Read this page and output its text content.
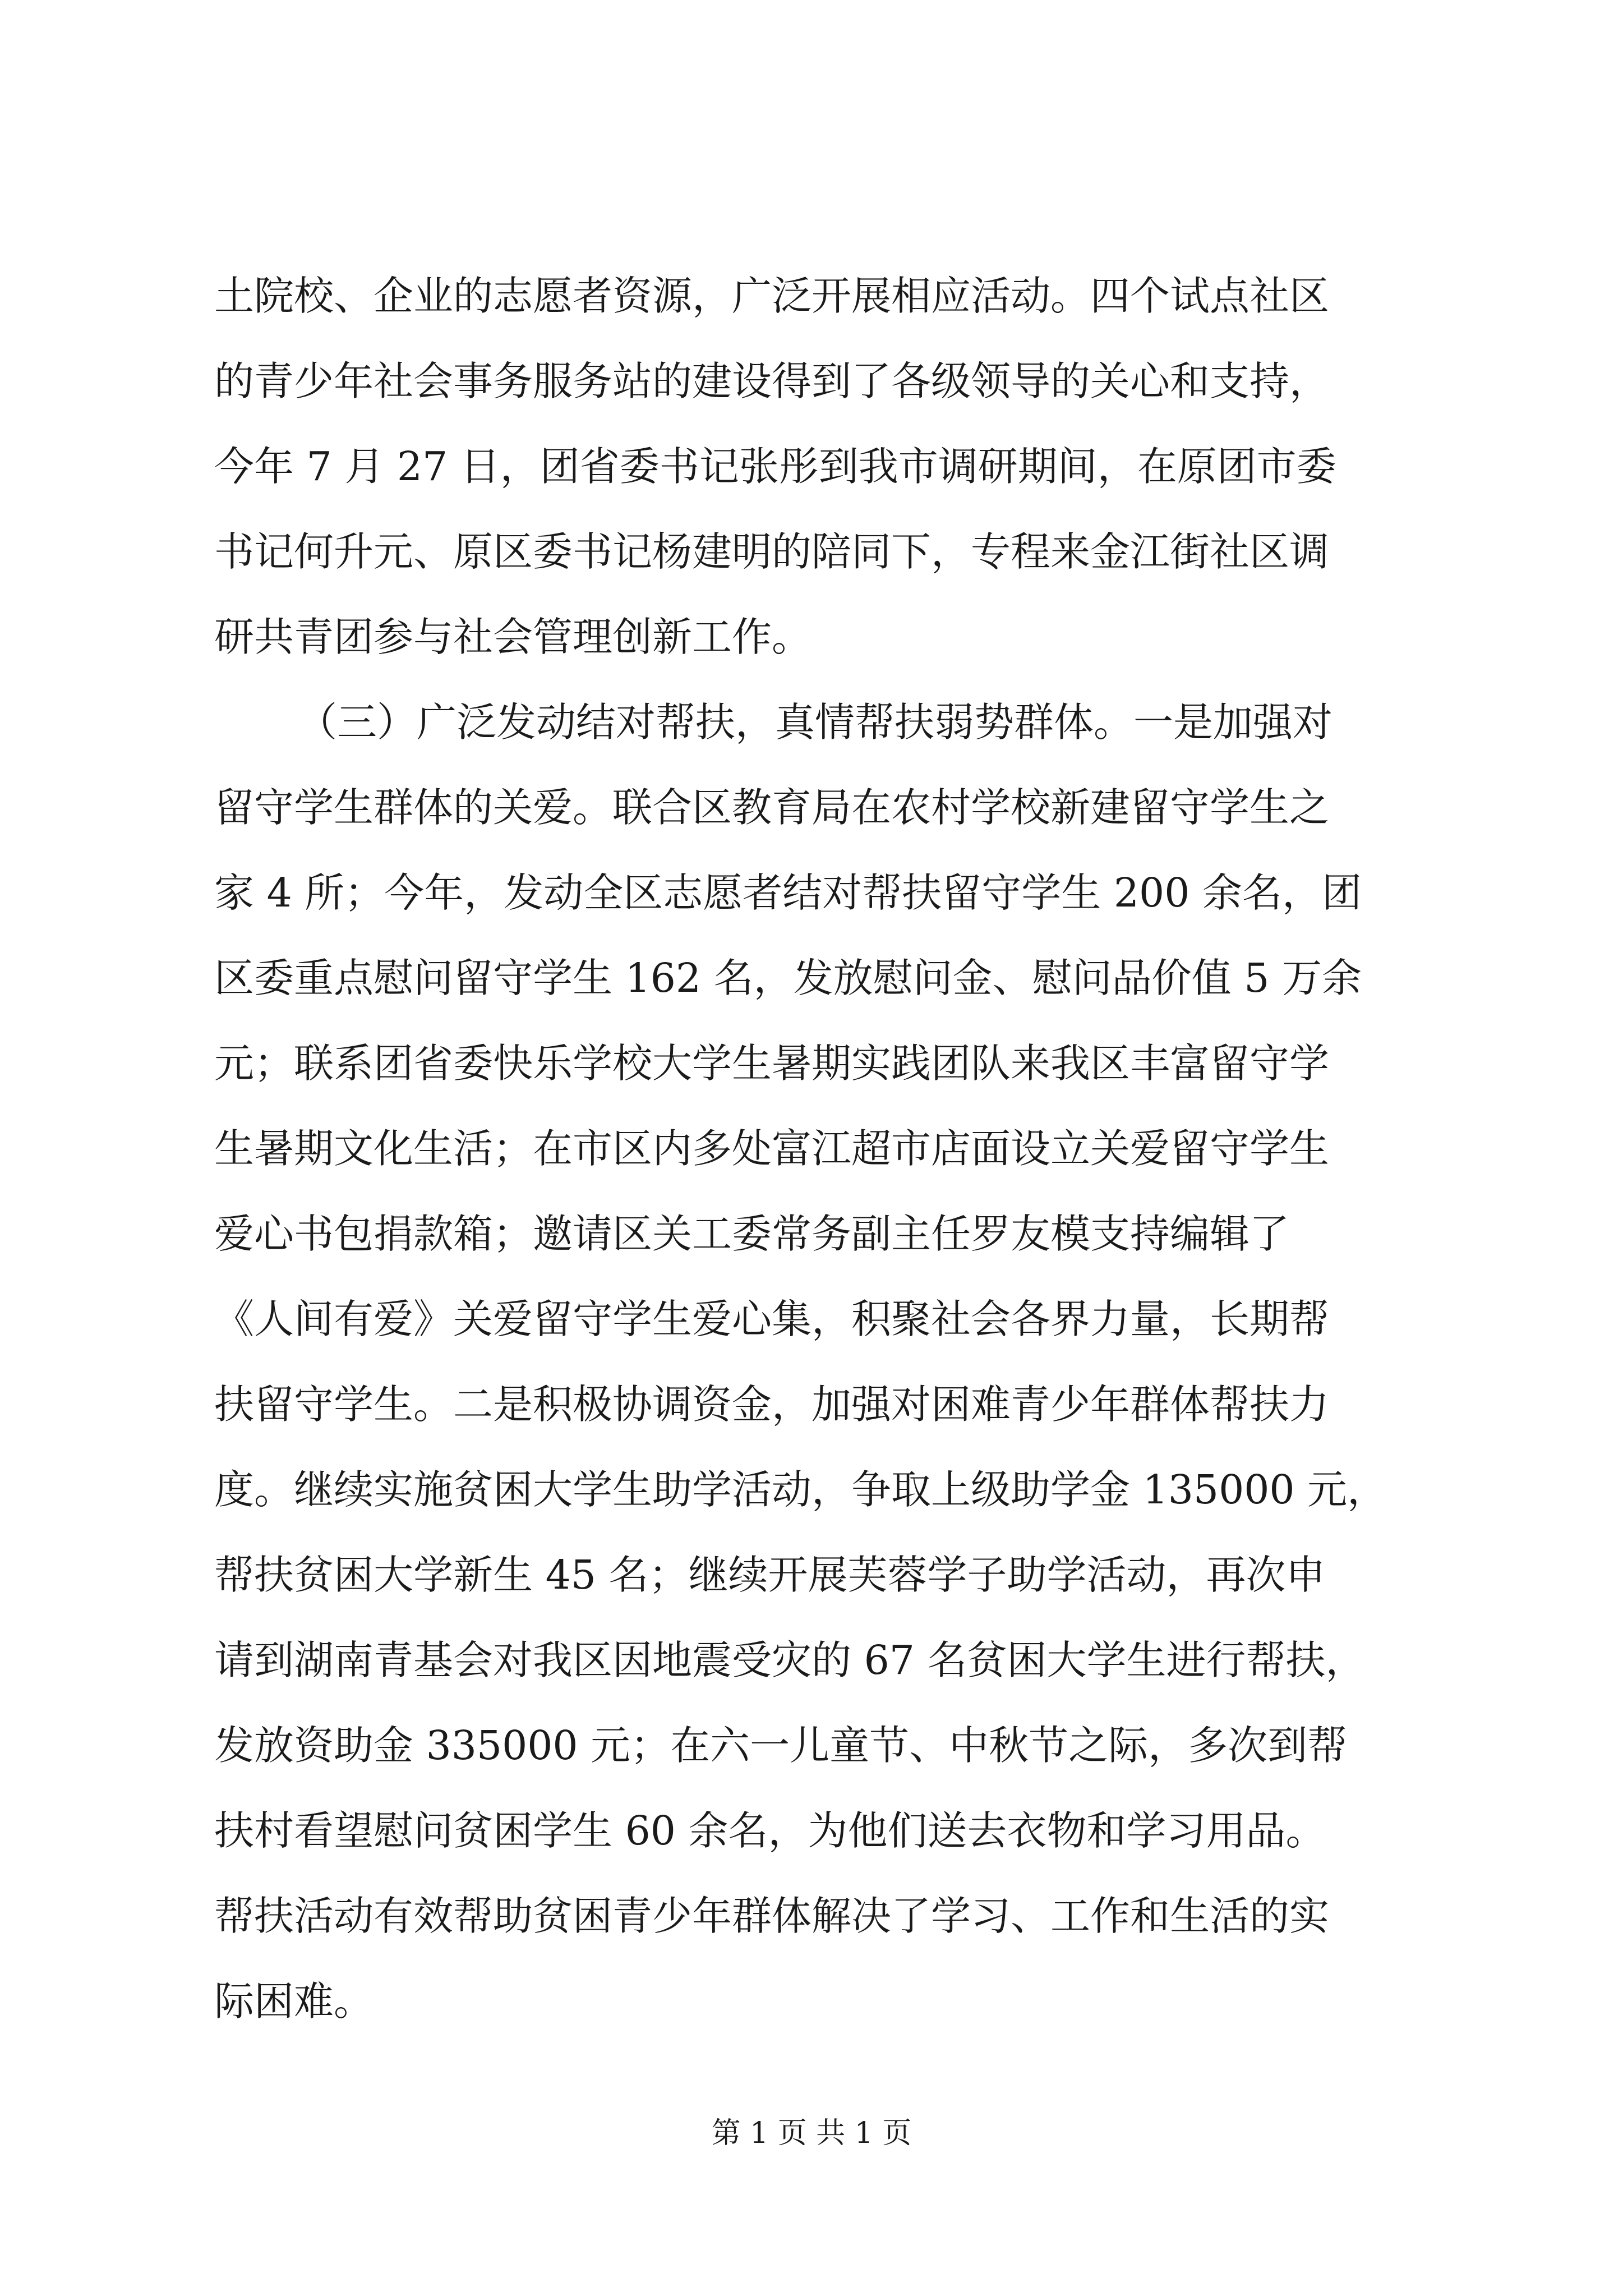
土院校、企业的志愿者资源，广泛开展相应活动。四个试点社区
的青少年社会事务服务站的建设得到了各级领导的关心和支持，
今年 7 月 27 日，团省委书记张彤到我市调研期间，在原团市委
书记何升元、原区委书记杨建明的陪同下，专程来金江街社区调
研共青团参与社会管理创新工作。
（三）广泛发动结对帮扶，真情帮扶弱势群体。一是加强对
留守学生群体的关爱。联合区教育局在农村学校新建留守学生之
家 4 所；今年，发动全区志愿者结对帮扶留守学生 200 余名，团
区委重点慰问留守学生 162 名，发放慰问金、慰问品价值 5 万余
元；联系团省委快乐学校大学生暑期实践团队来我区丰富留守学
生暑期文化生活；在市区内多处富江超市店面设立关爱留守学生
爱心书包捐款箱；邀请区关工委常务副主任罗友模支持编辑了
《人间有爱》关爱留守学生爱心集，积聚社会各界力量，长期帮
扶留守学生。二是积极协调资金，加强对困难青少年群体帮扶力
度。继续实施贫困大学生助学活动，争取上级助学金 135000 元，
帮扶贫困大学新生 45 名；继续开展芙蓉学子助学活动，再次申
请到湖南青基会对我区因地震受灾的 67 名贫困大学生进行帮扶，
发放资助金 335000 元；在六一儿童节、中秋节之际，多次到帮
扶村看望慰问贫困学生 60 余名，为他们送去衣物和学习用品。
帮扶活动有效帮助贫困青少年群体解决了学习、工作和生活的实
际困难。
第 1 页 共 1 页
